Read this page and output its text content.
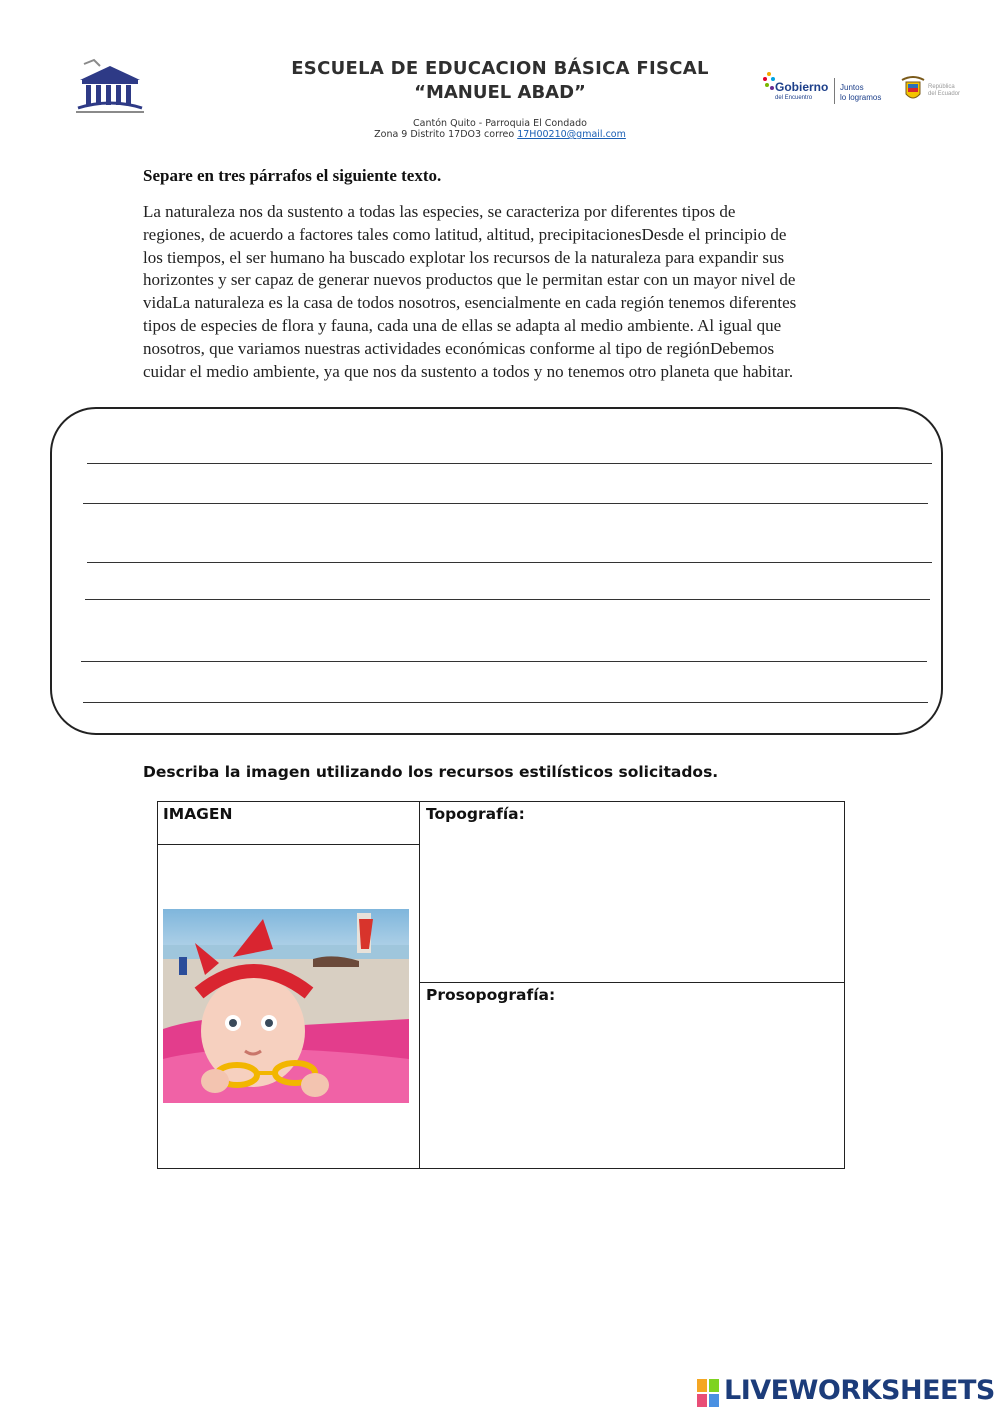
ESCUELA DE EDUCACION BÁSICA FISCAL
“MANUEL ABAD”
Cantón Quito - Parroquia El Condado
Zona 9 Distrito 17DO3 correo 17H00210@gmail.com
Gobierno
del Encuentro
Juntos
lo logramos
República
del Ecuador
Separe en tres párrafos el siguiente texto.
La naturaleza nos da sustento a todas las especies, se caracteriza por diferentes tipos de
regiones, de acuerdo a factores tales como latitud, altitud, precipitacionesDesde el principio de
los tiempos, el ser humano ha buscado explotar los recursos de la naturaleza para expandir sus
horizontes y ser capaz de generar nuevos productos que le permitan estar con un mayor nivel de
vidaLa naturaleza es la casa de todos nosotros, esencialmente en cada región tenemos diferentes
tipos de especies de flora y fauna, cada una de ellas se adapta al medio ambiente. Al igual que
nosotros, que variamos nuestras actividades económicas conforme al tipo de regiónDebemos
cuidar el medio ambiente, ya que nos da sustento a todos y no tenemos otro planeta que habitar.
Describa la imagen utilizando los recursos estilísticos solicitados.
IMAGEN	Topografía:
Prosopografía:
LIVEWORKSHEETS
